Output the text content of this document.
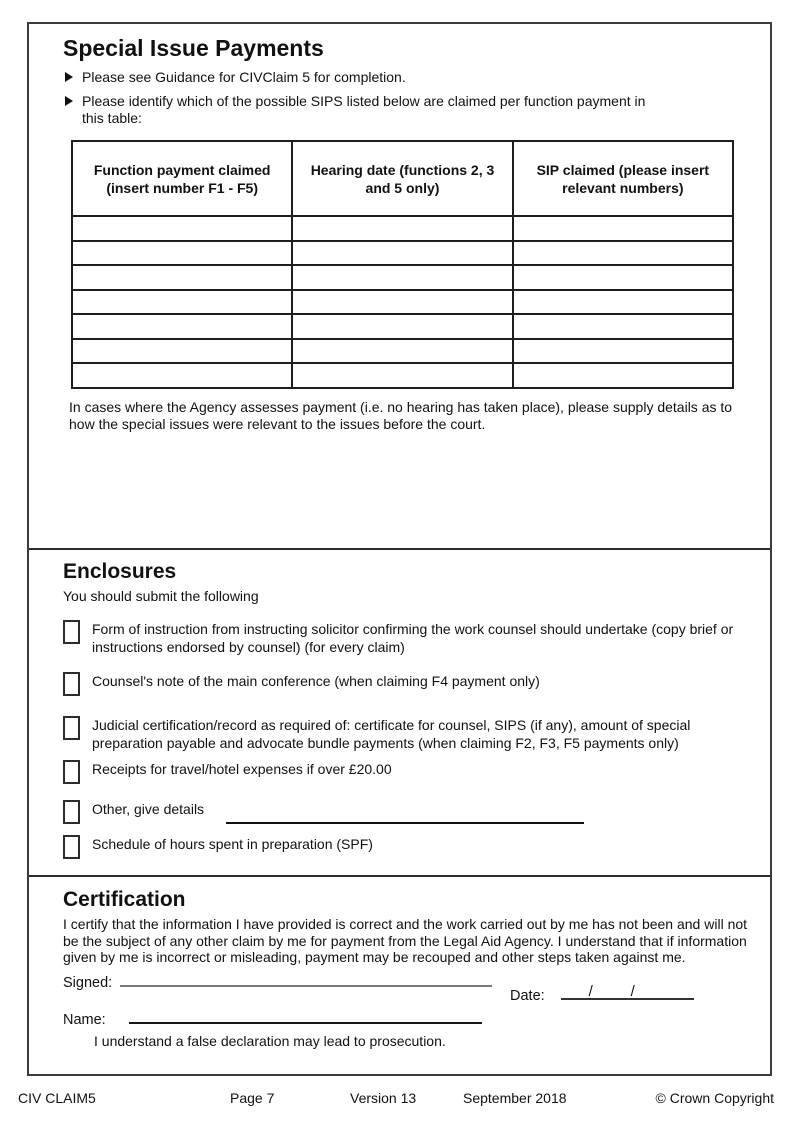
Special Issue Payments
Please see Guidance for CIVClaim 5 for completion.
Please identify which of the possible SIPS listed below are claimed per function payment in this table:
Function payment claimed (insert number F1 - F5)	Hearing date (functions 2, 3 and 5 only)	SIP claimed (please insert relevant numbers)

In cases where the Agency assesses payment (i.e. no hearing has taken place), please supply details as to how the special issues were relevant to the issues before the court.

Enclosures

You should submit the following

Form of instruction from instructing solicitor confirming the work counsel should undertake (copy brief or instructions endorsed by counsel) (for every claim)
Counsel's note of the main conference (when claiming F4 payment only)
Judicial certification/record as required of: certificate for counsel, SIPS (if any), amount of special preparation payable and advocate bundle payments (when claiming F2, F3, F5 payments only)
Receipts for travel/hotel expenses if over £20.00
Other, give details
Schedule of hours spent in preparation (SPF)
Certification

I certify that the information I have provided is correct and the work carried out by me has not been and will not be the subject of any other claim by me for payment from the Legal Aid Agency. I understand that if information given by me is incorrect or misleading, payment may be recouped and other steps taken against me.

Signed:
Date:	/	/
Name:

I understand a false declaration may lead to prosecution.

CIV CLAIM5	Page 7	Version 13	September 2018	© Crown Copyright
